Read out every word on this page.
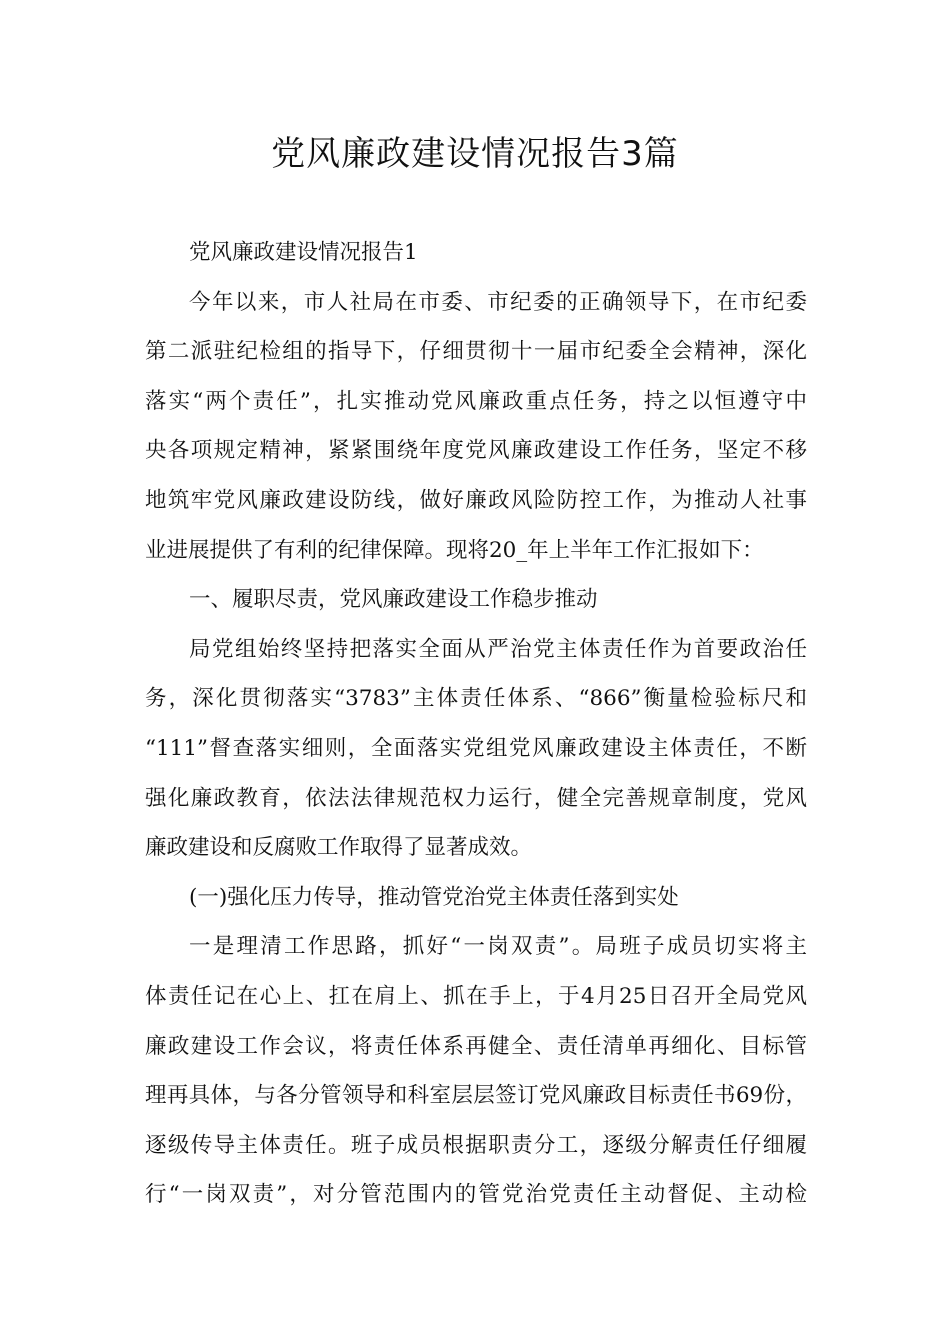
党风廉政建设情况报告3篇
党风廉政建设情况报告1
今年以来，市人社局在市委、市纪委的正确领导下，在市纪委
第二派驻纪检组的指导下，仔细贯彻十一届市纪委全会精神，深化
落实“两个责任”，扎实推动党风廉政重点任务，持之以恒遵守中
央各项规定精神，紧紧围绕年度党风廉政建设工作任务，坚定不移
地筑牢党风廉政建设防线，做好廉政风险防控工作，为推动人社事
业进展提供了有利的纪律保障。现将20_年上半年工作汇报如下：
一、履职尽责，党风廉政建设工作稳步推动
局党组始终坚持把落实全面从严治党主体责任作为首要政治任
务，深化贯彻落实“3783”主体责任体系、“866”衡量检验标尺和
“111”督查落实细则，全面落实党组党风廉政建设主体责任，不断
强化廉政教育，依法法律规范权力运行，健全完善规章制度，党风
廉政建设和反腐败工作取得了显著成效。
(一)强化压力传导，推动管党治党主体责任落到实处
一是理清工作思路，抓好“一岗双责”。局班子成员切实将主
体责任记在心上、扛在肩上、抓在手上，于4月25日召开全局党风
廉政建设工作会议，将责任体系再健全、责任清单再细化、目标管
理再具体，与各分管领导和科室层层签订党风廉政目标责任书69份，
逐级传导主体责任。班子成员根据职责分工，逐级分解责任仔细履
行“一岗双责”，对分管范围内的管党治党责任主动督促、主动检
